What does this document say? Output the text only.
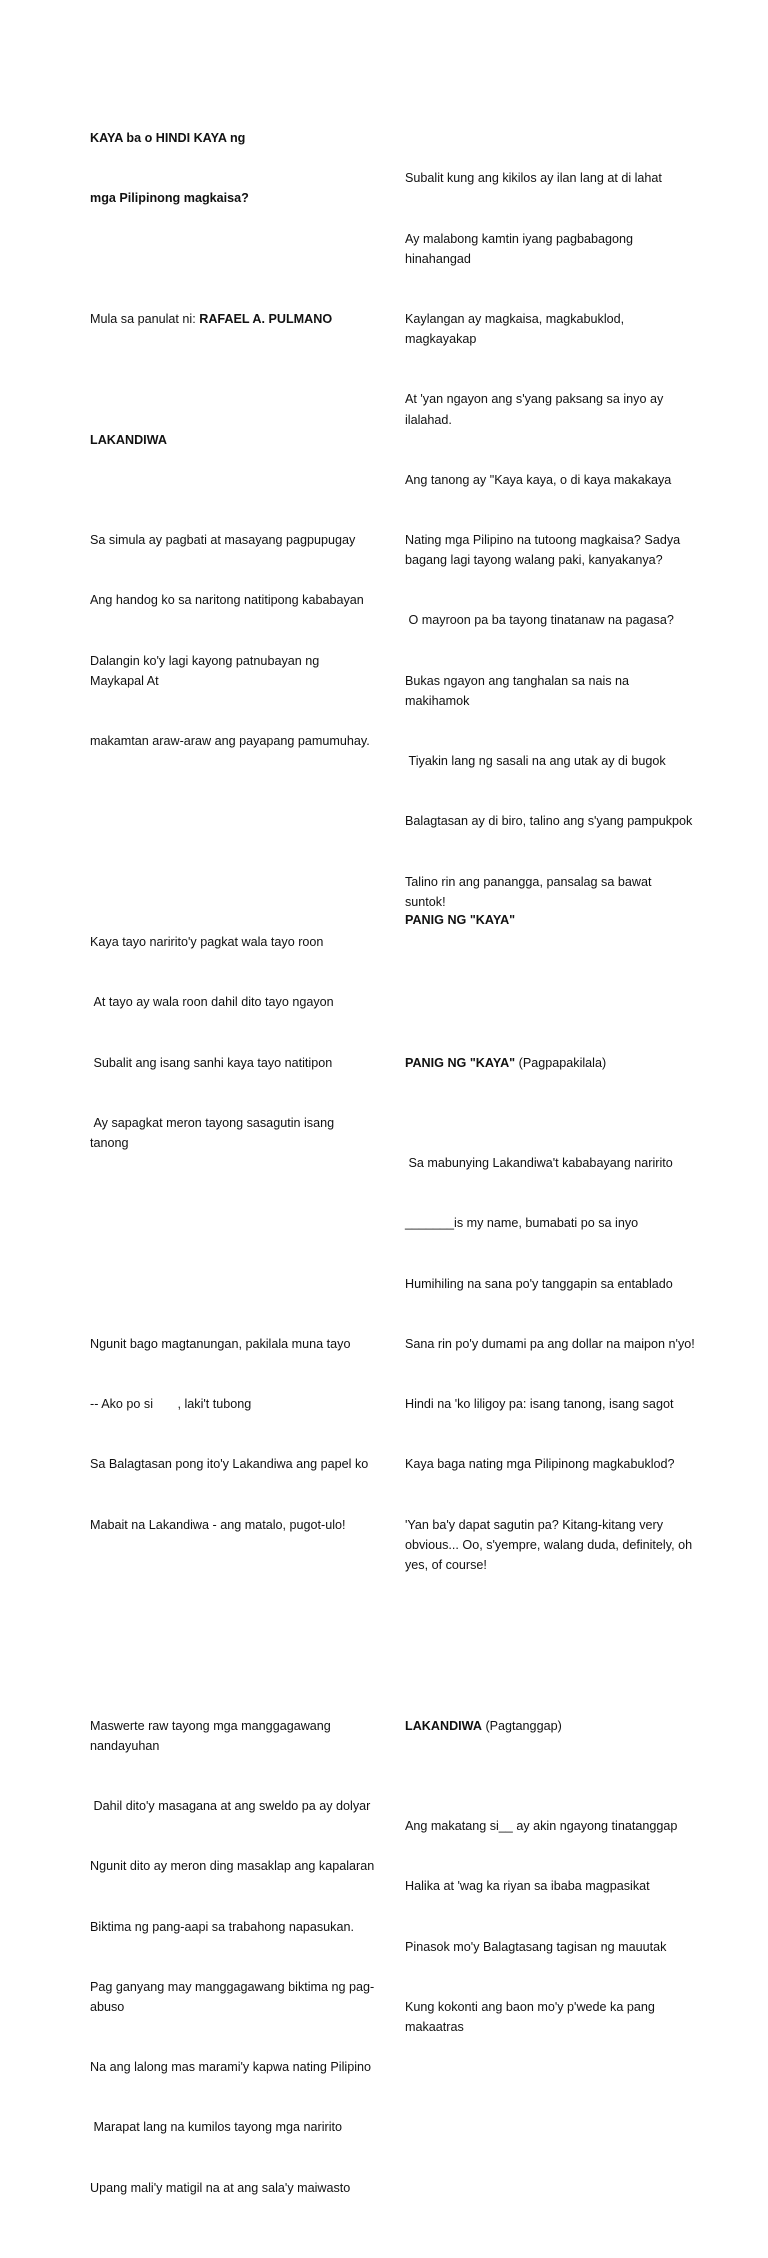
KAYA ba o HINDI KAYA ng

mga Pilipinong magkaisa?

Mula sa panulat ni: RAFAEL A. PULMANO

LAKANDIWA

Sa simula ay pagbati at masayang pagpupugay

Ang handog ko sa naritong natitipong kababayan

Dalangin ko'y lagi kayong patnubayan ng Maykapal At

makamtan araw-araw ang payapang pamumuhay.

Kaya tayo naririto'y pagkat wala tayo roon

At tayo ay wala roon dahil dito tayo ngayon

Subalit ang isang sanhi kaya tayo natitipon

Ay sapagkat meron tayong sasagutin isang tanong

Ngunit bago magtanungan, pakilala muna tayo

-- Ako po si       , laki't tubong

Sa Balagtasan pong ito'y Lakandiwa ang papel ko

Mabait na Lakandiwa - ang matalo, pugot-ulo!

Maswerte raw tayong mga manggagawang nandayuhan

Dahil dito'y masagana at ang sweldo pa ay dolyar

Ngunit dito ay meron ding masaklap ang kapalaran

Biktima ng pang-aapi sa trabahong napasukan.

Pag ganyang may manggagawang biktima ng pag-abuso

Na ang lalong mas marami'y kapwa nating Pilipino

Marapat lang na kumilos tayong mga naririto

Upang mali'y matigil na at ang sala'y maiwasto

Subalit kung ang kikilos ay ilan lang at di lahat

Ay malabong kamtin iyang pagbabagong hinahangad

Kaylangan ay magkaisa, magkabuklod, magkayakap

At 'yan ngayon ang s'yang paksang sa inyo ay ilalahad.

Ang tanong ay "Kaya kaya, o di kaya makakaya

Nating mga Pilipino na tutoong magkaisa? Sadya bagang lagi tayong walang paki, kanyakanya?

O mayroon pa ba tayong tinatanaw na pagasa?

Bukas ngayon ang tanghalan sa nais na makihamok

Tiyakin lang ng sasali na ang utak ay di bugok

Balagtasan ay di biro, talino ang s'yang pampukpok

Talino rin ang panangga, pansalag sa bawat suntok!

PANIG NG "KAYA" (Pagpapakilala)

Sa mabunying Lakandiwa't kababayang naririto

_______is my name, bumabati po sa inyo

Humihiling na sana po'y tanggapin sa entablado

Sana rin po'y dumami pa ang dollar na maipon n'yo!

Hindi na 'ko liligoy pa: isang tanong, isang sagot

Kaya baga nating mga Pilipinong magkabuklod?

'Yan ba'y dapat sagutin pa? Kitang-kitang very obvious... Oo, s'yempre, walang duda, definitely, oh yes, of course!

LAKANDIWA (Pagtanggap)

Ang makatang si__ ay akin ngayong tinatanggap

Halika at 'wag ka riyan sa ibaba magpasikat

Pinasok mo'y Balagtasang tagisan ng mauutak

Kung kokonti ang baon mo'y p'wede ka pang makaatras

PANIG NG "KAYA"
